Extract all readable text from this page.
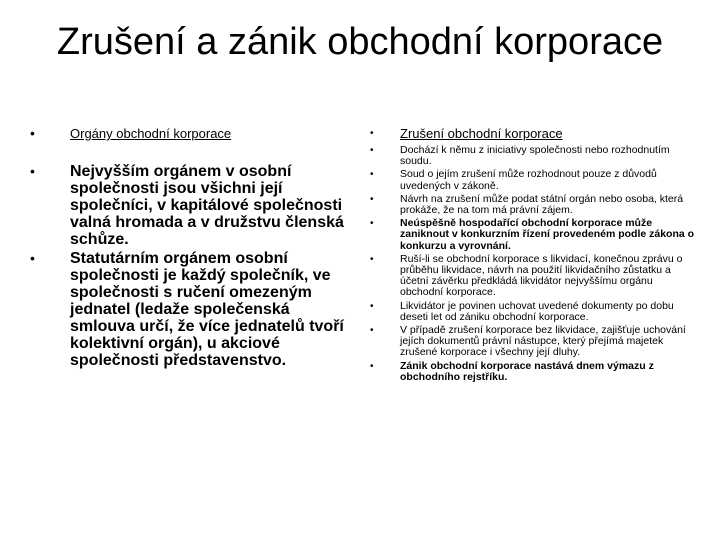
Zrušení a zánik obchodní korporace
• Orgány obchodní korporace
• Nejvyšším orgánem v osobní společnosti jsou všichni její společníci, v kapitálové společnosti valná hromada a v družstvu členská schůze.
• Statutárním orgánem osobní společnosti je každý společník, ve společnosti s ručení omezeným jednatel (ledaže společenská smlouva určí, že více jednatelů tvoří kolektivní orgán), u akciové společnosti představenstvo.
• Zrušení obchodní korporace
• Dochází k němu z iniciativy společnosti nebo rozhodnutím soudu.
• Soud o jejím zrušení může rozhodnout pouze z důvodů uvedených v zákoně.
• Návrh na zrušení může podat státní orgán nebo osoba, která prokáže, že na tom má právní zájem.
• Neúspěšně hospodařící obchodní korporace může zaniknout v konkurzním řízení provedeném podle zákona o konkurzu a vyrovnání.
• Ruší-li se obchodní korporace s likvidací, konečnou zprávu o průběhu likvidace, návrh na použití likvidačního zůstatku a účetní závěrku předkládá likvidátor nejvyššímu orgánu obchodní korporace.
• Likvidátor je povinen uchovat uvedené dokumenty po dobu deseti let od zániku obchodní korporace.
• V případě zrušení korporace bez likvidace, zajišťuje uchování jejích dokumentů právní nástupce, který přejímá majetek zrušené korporace i všechny její dluhy.
• Zánik obchodní korporace nastává dnem výmazu z obchodního rejstříku.
